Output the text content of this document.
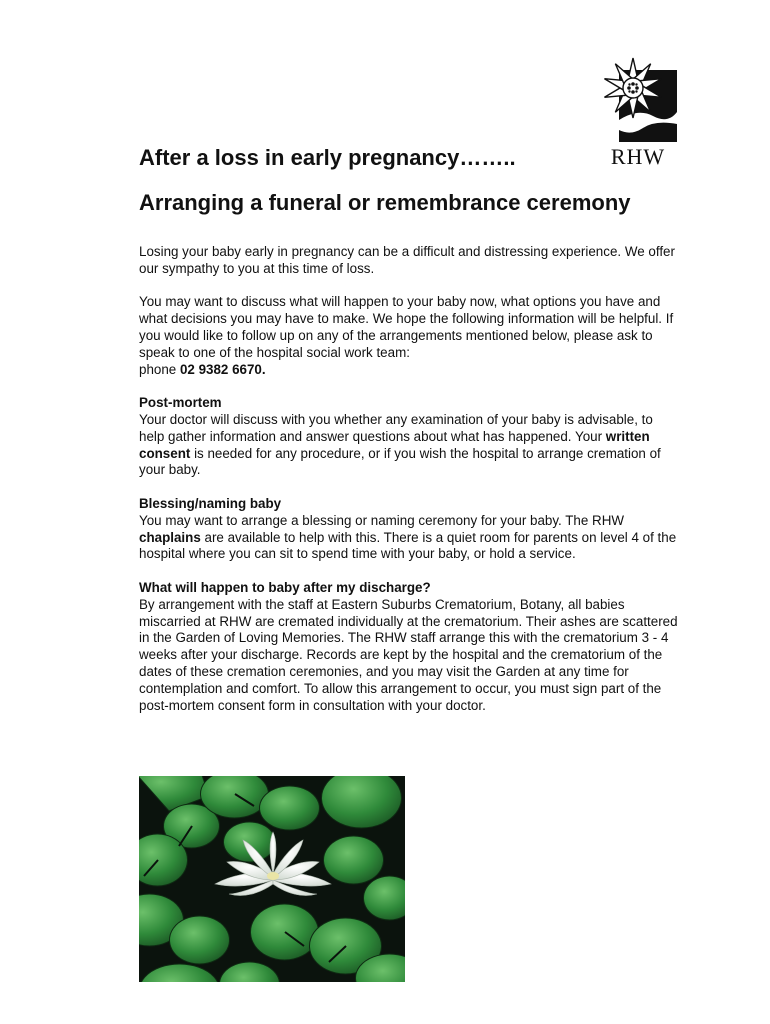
RHW
After a loss in early pregnancy……..
Arranging a funeral or remembrance ceremony

Losing your baby early in pregnancy can be a difficult and distressing experience. We offer our sympathy to you at this time of loss.

You may want to discuss what will happen to your baby now, what options you have and what decisions you may have to make. We hope the following information will be helpful. If you would like to follow up on any of the arrangements mentioned below, please ask to speak to one of the hospital social work team:
phone 02 9382 6670.

Post-mortem
Your doctor will discuss with you whether any examination of your baby is advisable, to help gather information and answer questions about what has happened. Your written consent is needed for any procedure, or if you wish the hospital to arrange cremation of your baby.

Blessing/naming baby
You may want to arrange a blessing or naming ceremony for your baby. The RHW chaplains are available to help with this. There is a quiet room for parents on level 4 of the hospital where you can sit to spend time with your baby, or hold a service.

What will happen to baby after my discharge?
By arrangement with the staff at Eastern Suburbs Crematorium, Botany, all babies miscarried at RHW are cremated individually at the crematorium. Their ashes are scattered in the Garden of Loving Memories. The RHW staff arrange this with the crematorium 3 - 4 weeks after your discharge. Records are kept by the hospital and the crematorium of the dates of these cremation ceremonies, and you may visit the Garden at any time for contemplation and comfort. To allow this arrangement to occur, you must sign part of the post-mortem consent form in consultation with your doctor.
